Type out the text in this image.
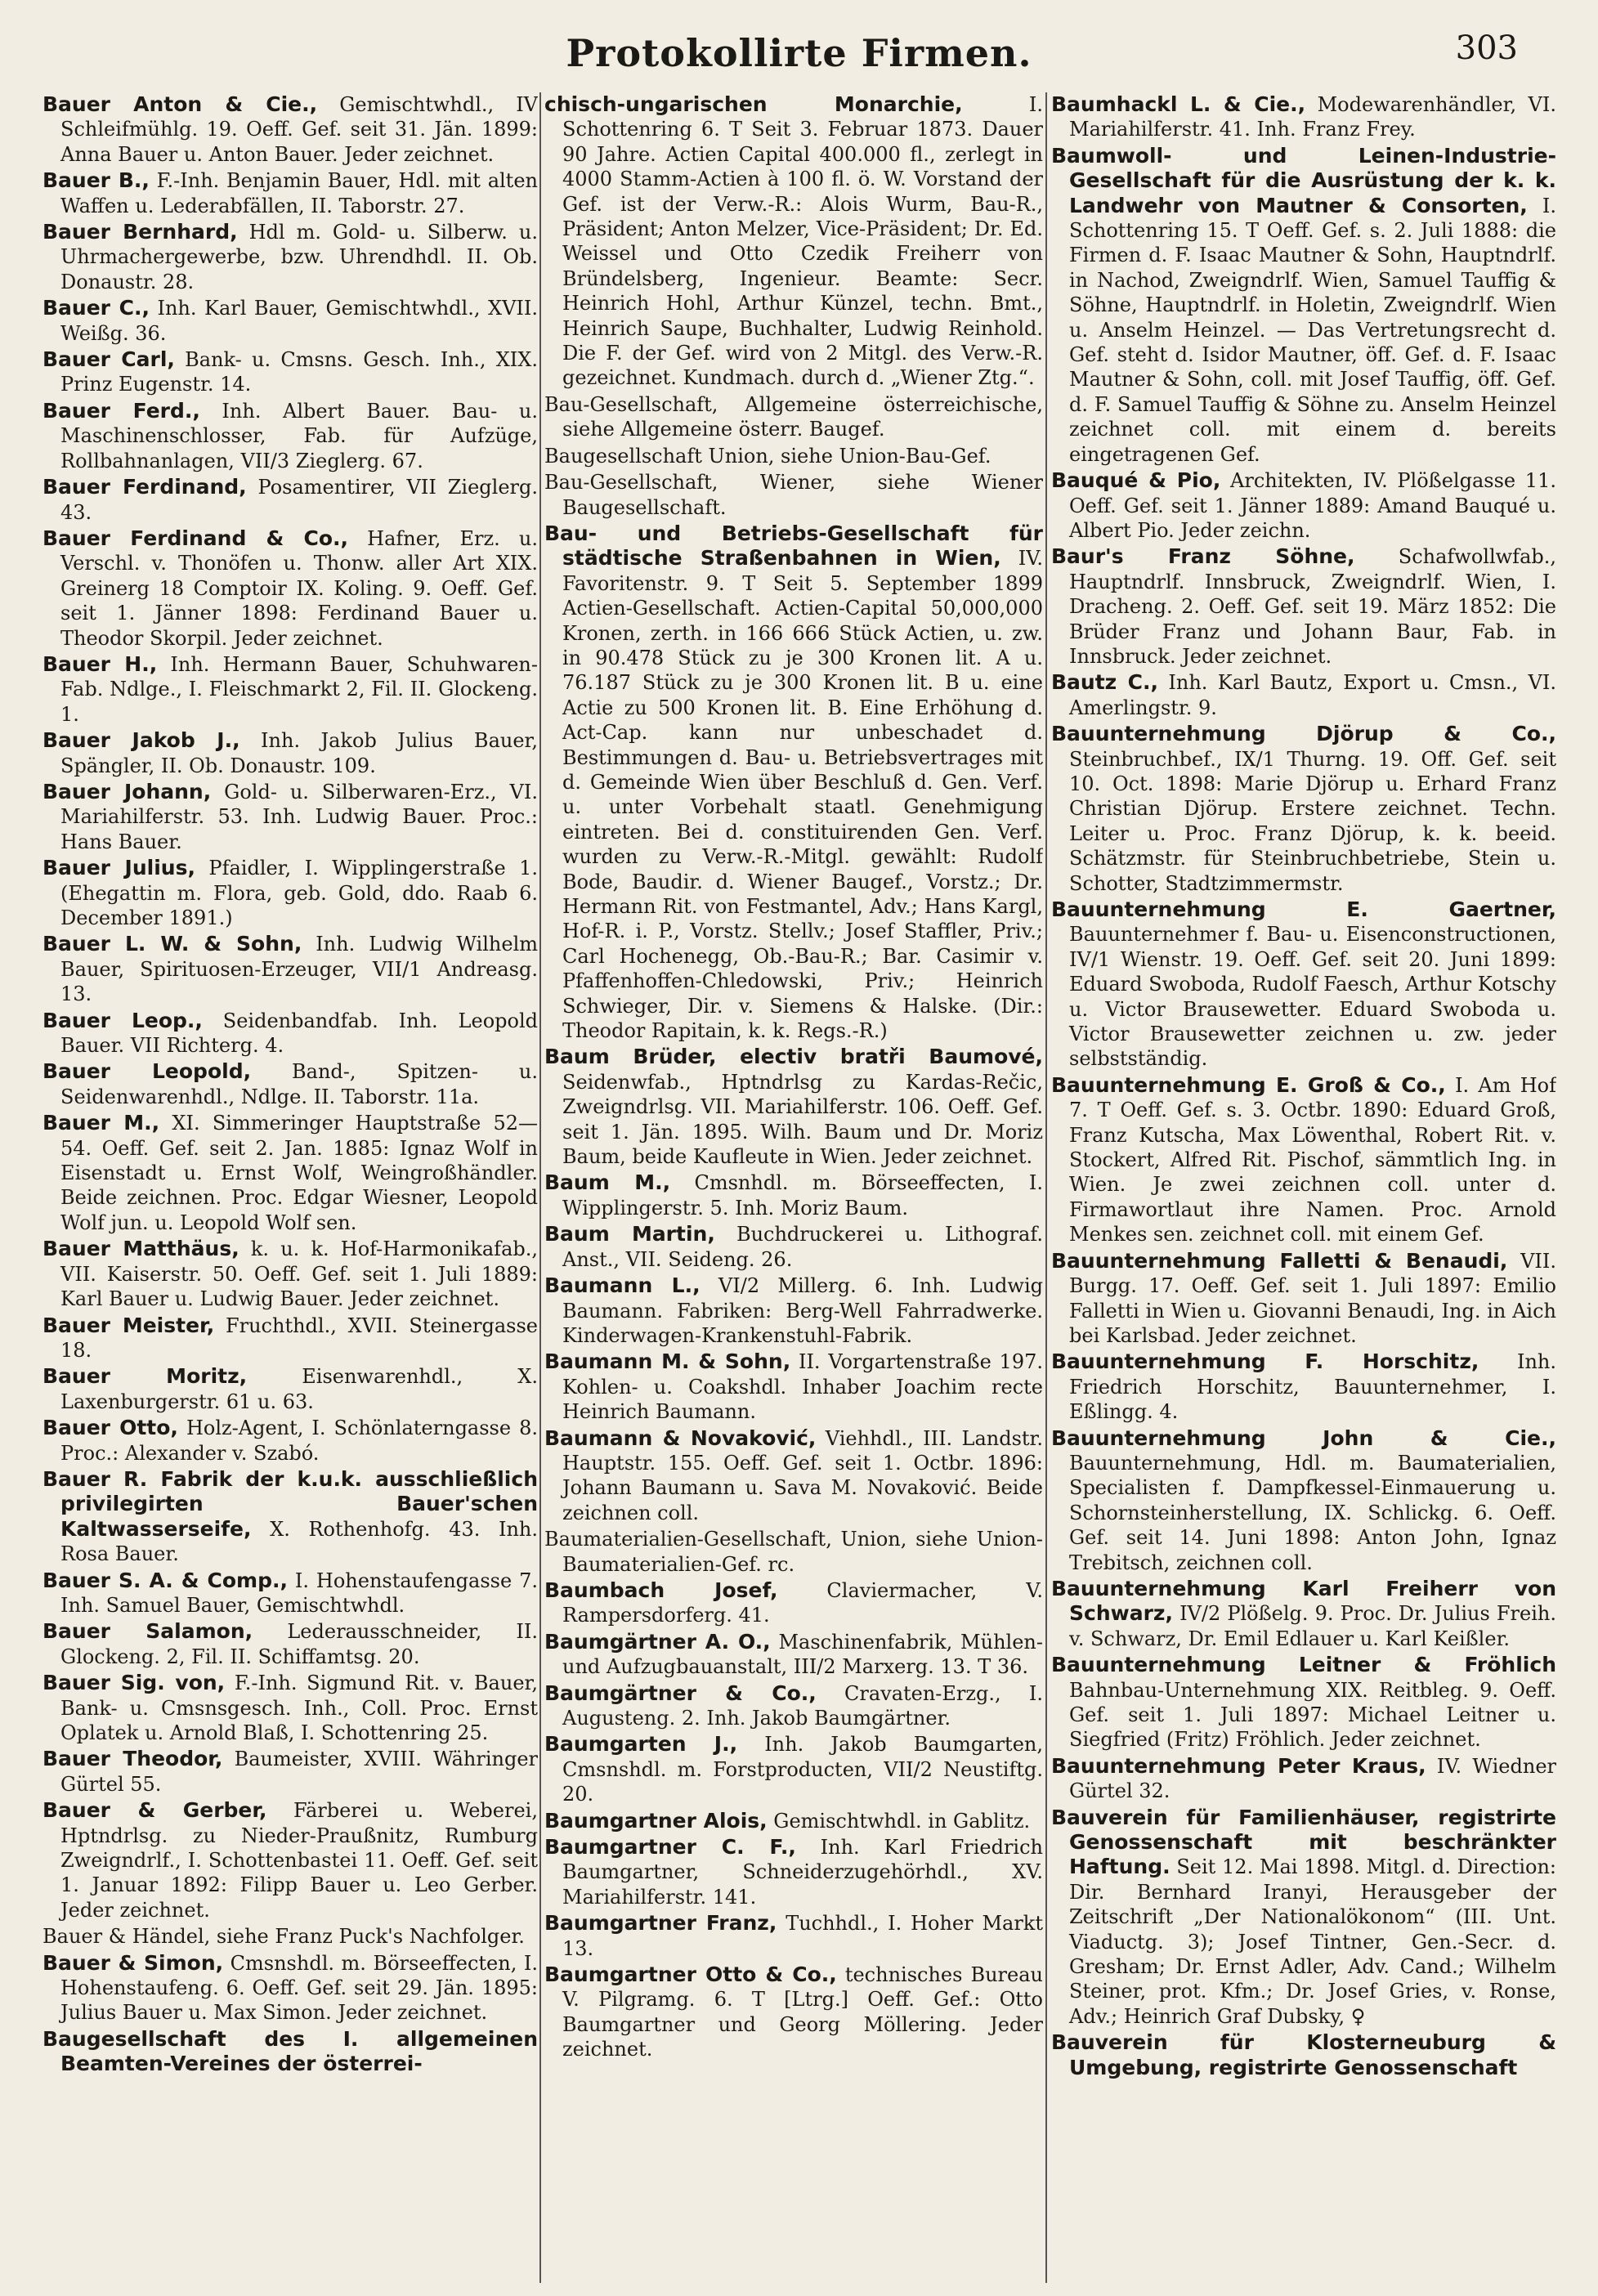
Protokollirte Firmen.	303

Bauer Anton & Cie., Gemischtwhdl., IV Schleifmühlg. 19. Oeff. Gef. seit 31. Jän. 1899: Anna Bauer u. Anton Bauer. Jeder zeichnet.

Bauer B., F.-Inh. Benjamin Bauer, Hdl. mit alten Waffen u. Lederabfällen, II. Taborstr. 27.

Bauer Bernhard, Hdl m. Gold- u. Silberw. u. Uhrmachergewerbe, bzw. Uhrendhdl. II. Ob. Donaustr. 28.

Bauer C., Inh. Karl Bauer, Gemischtwhdl., XVII. Weißg. 36.

Bauer Carl, Bank- u. Cmsns. Gesch. Inh., XIX. Prinz Eugenstr. 14.

Bauer Ferd., Inh. Albert Bauer. Bau- u. Maschinenschlosser, Fab. für Aufzüge, Rollbahnanlagen, VII/3 Zieglerg. 67.

Bauer Ferdinand, Posamentirer, VII Zieglerg. 43.

Bauer Ferdinand & Co., Hafner, Erz. u. Verschl. v. Thonöfen u. Thonw. aller Art XIX. Greinerg 18 Comptoir IX. Koling. 9. Oeff. Gef. seit 1. Jänner 1898: Ferdinand Bauer u. Theodor Skorpil. Jeder zeichnet.

Bauer H., Inh. Hermann Bauer, Schuhwaren-Fab. Ndlge., I. Fleischmarkt 2, Fil. II. Glockeng. 1.

Bauer Jakob J., Inh. Jakob Julius Bauer, Spängler, II. Ob. Donaustr. 109.

Bauer Johann, Gold- u. Silberwaren-Erz., VI. Mariahilferstr. 53. Inh. Ludwig Bauer. Proc.: Hans Bauer.

Bauer Julius, Pfaidler, I. Wipplingerstraße 1. (Ehegattin m. Flora, geb. Gold, ddo. Raab 6. December 1891.)

Bauer L. W. & Sohn, Inh. Ludwig Wilhelm Bauer, Spirituosen-Erzeuger, VII/1 Andreasg. 13.

Bauer Leop., Seidenbandfab. Inh. Leopold Bauer. VII Richterg. 4.

Bauer Leopold, Band-, Spitzen- u. Seidenwarenhdl., Ndlge. II. Taborstr. 11a.

Bauer M., XI. Simmeringer Hauptstraße 52—54. Oeff. Gef. seit 2. Jan. 1885: Ignaz Wolf in Eisenstadt u. Ernst Wolf, Weingroßhändler. Beide zeichnen. Proc. Edgar Wiesner, Leopold Wolf jun. u. Leopold Wolf sen.

Bauer Matthäus, k. u. k. Hof-Harmonikafab., VII. Kaiserstr. 50. Oeff. Gef. seit 1. Juli 1889: Karl Bauer u. Ludwig Bauer. Jeder zeichnet.

Bauer Meister, Fruchthdl., XVII. Steinergasse 18.

Bauer Moritz,	Eisenwarenhdl., X. Laxenburgerstr. 61 u. 63.

Bauer Otto, Holz-Agent, I. Schönlaterngasse 8. Proc.: Alexander v. Szabó.

Bauer R. Fabrik der k.u.k. ausschließlich privilegirten Bauer'schen Kaltwasserseife, X. Rothenhofg. 43. Inh. Rosa Bauer.

Bauer S. A. & Comp., I. Hohenstaufengasse 7. Inh. Samuel Bauer, Gemischtwhdl.

Bauer Salamon, Lederausschneider, II. Glockeng. 2, Fil. II. Schiffamtsg. 20.

Bauer Sig. von, F.-Inh. Sigmund Rit. v. Bauer, Bank- u. Cmsnsgesch. Inh., Coll. Proc. Ernst Oplatek u. Arnold Blaß, I. Schottenring 25.

Bauer Theodor, Baumeister, XVIII. Währinger Gürtel 55.

Bauer & Gerber, Färberei u. Weberei, Hptndrlsg. zu Nieder-Praußnitz, Rumburg Zweigndrlf., I. Schottenbastei 11. Oeff. Gef. seit 1. Januar 1892: Filipp Bauer u. Leo Gerber. Jeder zeichnet.

Bauer & Händel, siehe Franz Puck's Nachfolger.

Bauer & Simon, Cmsnshdl. m. Börseeffecten, I. Hohenstaufeng. 6. Oeff. Gef. seit 29. Jän. 1895: Julius Bauer u. Max Simon. Jeder zeichnet.

Baugesellschaft des I. allgemeinen Beamten-Vereines der österrei-

chisch-ungarischen Monarchie,	I. Schottenring 6. T Seit 3. Februar 1873. Dauer 90 Jahre. Actien Capital 400.000 fl., zerlegt in 4000 Stamm-Actien à 100 fl. ö. W. Vorstand der Gef. ist der Verw.-R.: Alois Wurm, Bau-R., Präsident; Anton Melzer, Vice-Präsident; Dr. Ed. Weissel und Otto Czedik Freiherr von Bründelsberg, Ingenieur. Beamte: Secr. Heinrich Hohl, Arthur Künzel, techn. Bmt., Heinrich Saupe, Buchhalter, Ludwig Reinhold. Die F. der Gef. wird von 2 Mitgl. des Verw.-R. gezeichnet. Kundmach. durch d. „Wiener Ztg.“.

Bau-Gesellschaft, Allgemeine österreichische, siehe Allgemeine österr. Baugef.

Baugesellschaft Union, siehe Union-Bau-Gef.

Bau-Gesellschaft, Wiener, siehe Wiener Baugesellschaft.

Bau- und Betriebs-Gesellschaft für städtische Straßenbahnen in Wien, IV. Favoritenstr. 9. T Seit 5. September 1899 Actien-Gesellschaft. Actien-Capital 50,000,000 Kronen, zerth. in 166 666 Stück Actien, u. zw. in 90.478 Stück zu je 300 Kronen lit. A u. 76.187 Stück zu je 300 Kronen lit. B u. eine Actie zu 500 Kronen lit. B. Eine Erhöhung d. Act-Cap. kann nur unbeschadet d. Bestimmungen d. Bau- u. Betriebsvertrages mit d. Gemeinde Wien über Beschluß d. Gen. Verf. u. unter Vorbehalt staatl. Genehmigung eintreten. Bei d. constituirenden Gen. Verf. wurden zu Verw.-R.-Mitgl. gewählt: Rudolf Bode, Baudir. d. Wiener Baugef., Vorstz.; Dr. Hermann Rit. von Festmantel, Adv.; Hans Kargl, Hof-R. i. P., Vorstz. Stellv.; Josef Staffler, Priv.; Carl Hochenegg, Ob.-Bau-R.; Bar. Casimir v. Pfaffenhoffen-Chledowski, Priv.; Heinrich Schwieger, Dir. v. Siemens & Halske. (Dir.: Theodor Rapitain, k. k. Regs.-R.)

Baum Brüder, electiv bratři Baumové, Seidenwfab., Hptndrlsg zu Kardas-Rečic, Zweigndrlsg. VII. Mariahilferstr. 106. Oeff. Gef. seit 1. Jän. 1895. Wilh. Baum und Dr. Moriz Baum, beide Kaufleute in Wien. Jeder zeichnet.

Baum M., Cmsnhdl. m. Börseeffecten, I. Wipplingerstr. 5. Inh. Moriz Baum.

Baum Martin, Buchdruckerei u. Lithograf. Anst., VII. Seideng. 26.

Baumann L., VI/2 Millerg. 6. Inh. Ludwig Baumann. Fabriken: Berg-Well Fahrradwerke. Kinderwagen-Krankenstuhl-Fabrik.

Baumann M. & Sohn, II. Vorgartenstraße 197. Kohlen- u. Coakshdl. Inhaber Joachim recte Heinrich Baumann.

Baumann & Novaković, Viehhdl., III. Landstr. Hauptstr. 155. Oeff. Gef. seit 1. Octbr. 1896: Johann Baumann u. Sava M. Novaković. Beide zeichnen coll.

Baumaterialien-Gesellschaft, Union, siehe Union-Baumaterialien-Gef. rc.

Baumbach Josef, Claviermacher, V. Rampersdorferg. 41.

Baumgärtner A. O., Maschinenfabrik, Mühlen- und Aufzugbauanstalt, III/2 Marxerg. 13. T 36.

Baumgärtner & Co., Cravaten-Erzg., I. Augusteng. 2. Inh. Jakob Baumgärtner.

Baumgarten J., Inh. Jakob Baumgarten, Cmsnshdl. m. Forstproducten, VII/2 Neustiftg. 20.

Baumgartner Alois, Gemischtwhdl. in Gablitz.

Baumgartner C. F., Inh. Karl Friedrich Baumgartner, Schneiderzugehörhdl., XV. Mariahilferstr. 141.

Baumgartner Franz, Tuchhdl., I. Hoher Markt 13.

Baumgartner Otto & Co., technisches Bureau V. Pilgramg. 6. T [Ltrg.] Oeff. Gef.: Otto Baumgartner und Georg Möllering. Jeder zeichnet.

Baumhackl L. & Cie., Modewarenhändler, VI. Mariahilferstr. 41. Inh. Franz Frey.

Baumwoll- und Leinen-Industrie-Gesellschaft für die Ausrüstung der k. k. Landwehr von Mautner & Consorten, I. Schottenring 15. T Oeff. Gef. s. 2. Juli 1888: die Firmen d. F. Isaac Mautner & Sohn, Hauptndrlf. in Nachod, Zweigndrlf. Wien, Samuel Tauffig & Söhne, Hauptndrlf. in Holetin, Zweigndrlf. Wien u. Anselm Heinzel. — Das Vertretungsrecht d. Gef. steht d. Isidor Mautner, öff. Gef. d. F. Isaac Mautner & Sohn, coll. mit Josef Tauffig, öff. Gef. d. F. Samuel Tauffig & Söhne zu. Anselm Heinzel zeichnet coll. mit einem d. bereits eingetragenen Gef.

Bauqué & Pio, Architekten, IV. Plößelgasse 11. Oeff. Gef. seit 1. Jänner 1889: Amand Bauqué u. Albert Pio. Jeder zeichn.

Baur's Franz Söhne, Schafwollwfab., Hauptndrlf. Innsbruck, Zweigndrlf. Wien, I. Dracheng. 2. Oeff. Gef. seit 19. März 1852: Die Brüder Franz und Johann Baur, Fab. in Innsbruck. Jeder zeichnet.

Bautz C., Inh. Karl Bautz, Export u. Cmsn., VI. Amerlingstr. 9.

Bauunternehmung Djörup & Co., Steinbruchbef., IX/1 Thurng. 19. Off. Gef. seit 10. Oct. 1898: Marie Djörup u. Erhard Franz Christian Djörup. Erstere zeichnet. Techn. Leiter u. Proc. Franz Djörup, k. k. beeid. Schätzmstr. für Steinbruchbetriebe, Stein u. Schotter, Stadtzimmermstr.

Bauunternehmung E. Gaertner, Bauunternehmer f. Bau- u. Eisenconstructionen, IV/1 Wienstr. 19. Oeff. Gef. seit 20. Juni 1899: Eduard Swoboda, Rudolf Faesch, Arthur Kotschy u. Victor Brausewetter. Eduard Swoboda u. Victor Brausewetter zeichnen u. zw. jeder selbstständig.

Bauunternehmung E. Groß & Co., I. Am Hof 7. T Oeff. Gef. s. 3. Octbr. 1890: Eduard Groß, Franz Kutscha, Max Löwenthal, Robert Rit. v. Stockert, Alfred Rit. Pischof, sämmtlich Ing. in Wien. Je zwei zeichnen coll. unter d. Firmawortlaut ihre Namen. Proc. Arnold Menkes sen. zeichnet coll. mit einem Gef.

Bauunternehmung Falletti & Benaudi, VII. Burgg. 17. Oeff. Gef. seit 1. Juli 1897: Emilio Falletti in Wien u. Giovanni Benaudi, Ing. in Aich bei Karlsbad. Jeder zeichnet.

Bauunternehmung F. Horschitz, Inh. Friedrich Horschitz, Bauunternehmer, I. Eßlingg. 4.

Bauunternehmung John & Cie., Bauunternehmung, Hdl. m. Baumaterialien, Specialisten f. Dampfkessel-Einmauerung u. Schornsteinherstellung, IX. Schlickg. 6. Oeff. Gef. seit 14. Juni 1898: Anton John, Ignaz Trebitsch, zeichnen coll.

Bauunternehmung Karl Freiherr von Schwarz, IV/2 Plößelg. 9. Proc. Dr. Julius Freih. v. Schwarz, Dr. Emil Edlauer u. Karl Keißler.

Bauunternehmung Leitner & Fröhlich Bahnbau-Unternehmung XIX. Reitbleg. 9. Oeff. Gef. seit 1. Juli 1897: Michael Leitner u. Siegfried (Fritz) Fröhlich. Jeder zeichnet.

Bauunternehmung Peter Kraus, IV. Wiedner Gürtel 32.

Bauverein für Familienhäuser, registrirte Genossenschaft mit beschränkter Haftung. Seit 12. Mai 1898. Mitgl. d. Direction: Dir. Bernhard Iranyi, Herausgeber der Zeitschrift „Der Nationalökonom“ (III. Unt. Viaductg. 3); Josef Tintner, Gen.-Secr. d. Gresham; Dr. Ernst Adler, Adv. Cand.; Wilhelm Steiner, prot. Kfm.; Dr. Josef Gries, v. Ronse, Adv.; Heinrich Graf Dubsky, ♀

Bauverein für Klosterneuburg & Umgebung, registrirte Genossenschaft
